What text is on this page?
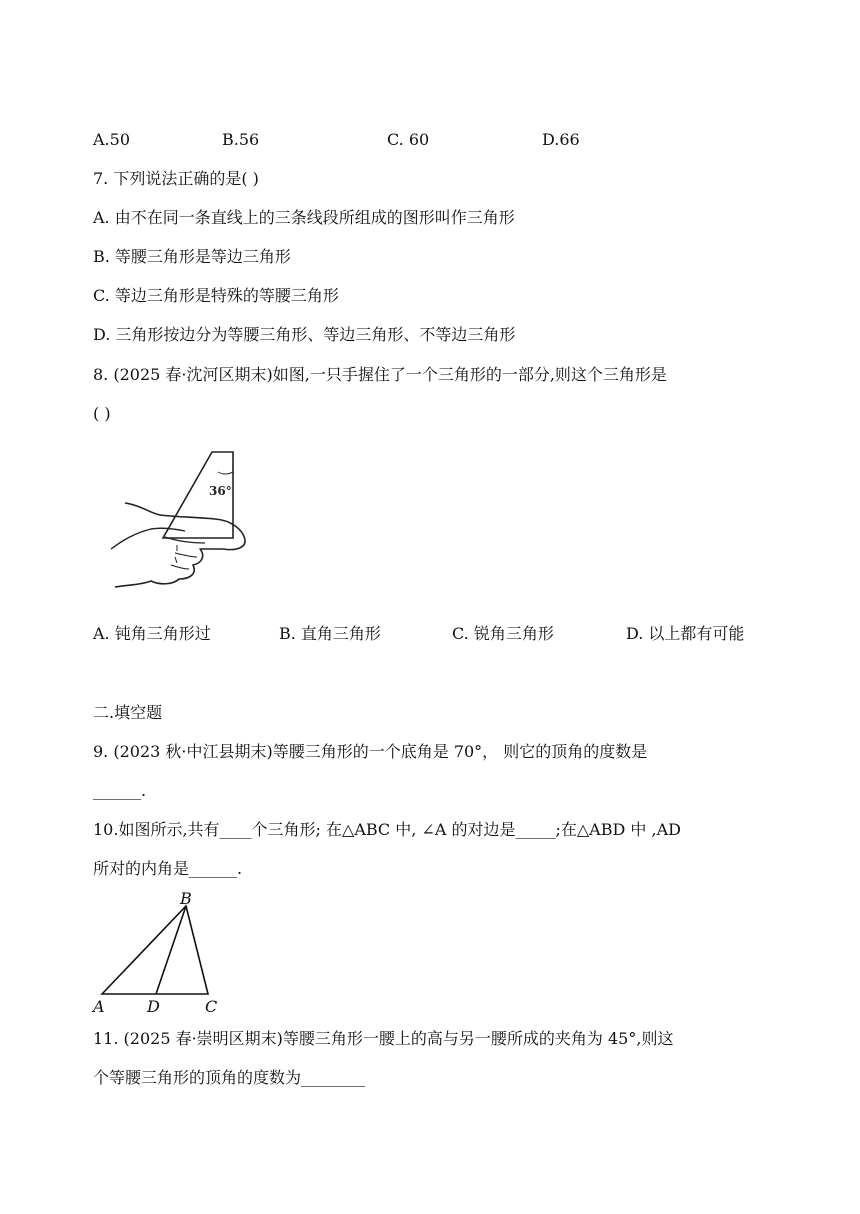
A.50	B.56	C. 60	D.66
7. 下列说法正确的是( )
A. 由不在同一条直线上的三条线段所组成的图形叫作三角形
B. 等腰三角形是等边三角形
C. 等边三角形是特殊的等腰三角形
D. 三角形按边分为等腰三角形、等边三角形、不等边三角形
8. (2025 春·沈河区期末)如图,一只手握住了一个三角形的一部分,则这个三角形是
( )
36°
A. 钝角三角形过	B. 直角三角形	C. 锐角三角形	D. 以上都有可能
二.填空题
9. (2023 秋·中江县期末)等腰三角形的一个底角是 70°， 则它的顶角的度数是
______.
10.如图所示,共有____个三角形; 在△ABC 中, ∠A 的对边是_____;在△ABD 中 ,AD
所对的内角是______.
B
A	D	C
11. (2025 春·崇明区期末)等腰三角形一腰上的高与另一腰所成的夹角为 45°,则这
个等腰三角形的顶角的度数为________
